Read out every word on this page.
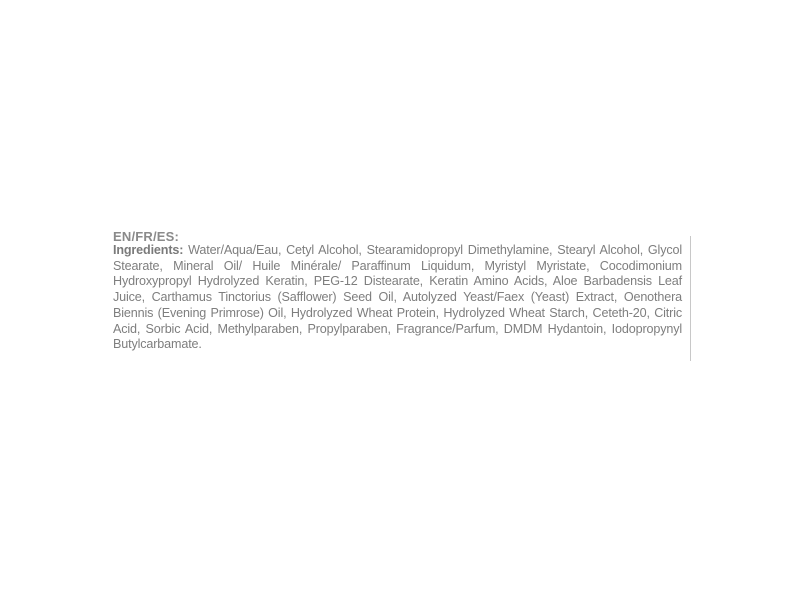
EN/FR/ES:
Ingredients: Water/Aqua/Eau, Cetyl Alcohol, Stearamidopropyl Dimethylamine, Stearyl Alcohol, Glycol Stearate, Mineral Oil/ Huile Minérale/ Paraffinum Liquidum, Myristyl Myristate, Cocodimonium Hydroxypropyl Hydrolyzed Keratin, PEG-12 Distearate, Keratin Amino Acids, Aloe Barbadensis Leaf Juice, Carthamus Tinctorius (Safflower) Seed Oil, Autolyzed Yeast/Faex (Yeast) Extract, Oenothera Biennis (Evening Primrose) Oil, Hydrolyzed Wheat Protein, Hydrolyzed Wheat Starch, Ceteth-20, Citric Acid, Sorbic Acid, Methylparaben, Propylparaben, Fragrance/Parfum, DMDM Hydantoin, Iodopropynyl Butylcarbamate.
